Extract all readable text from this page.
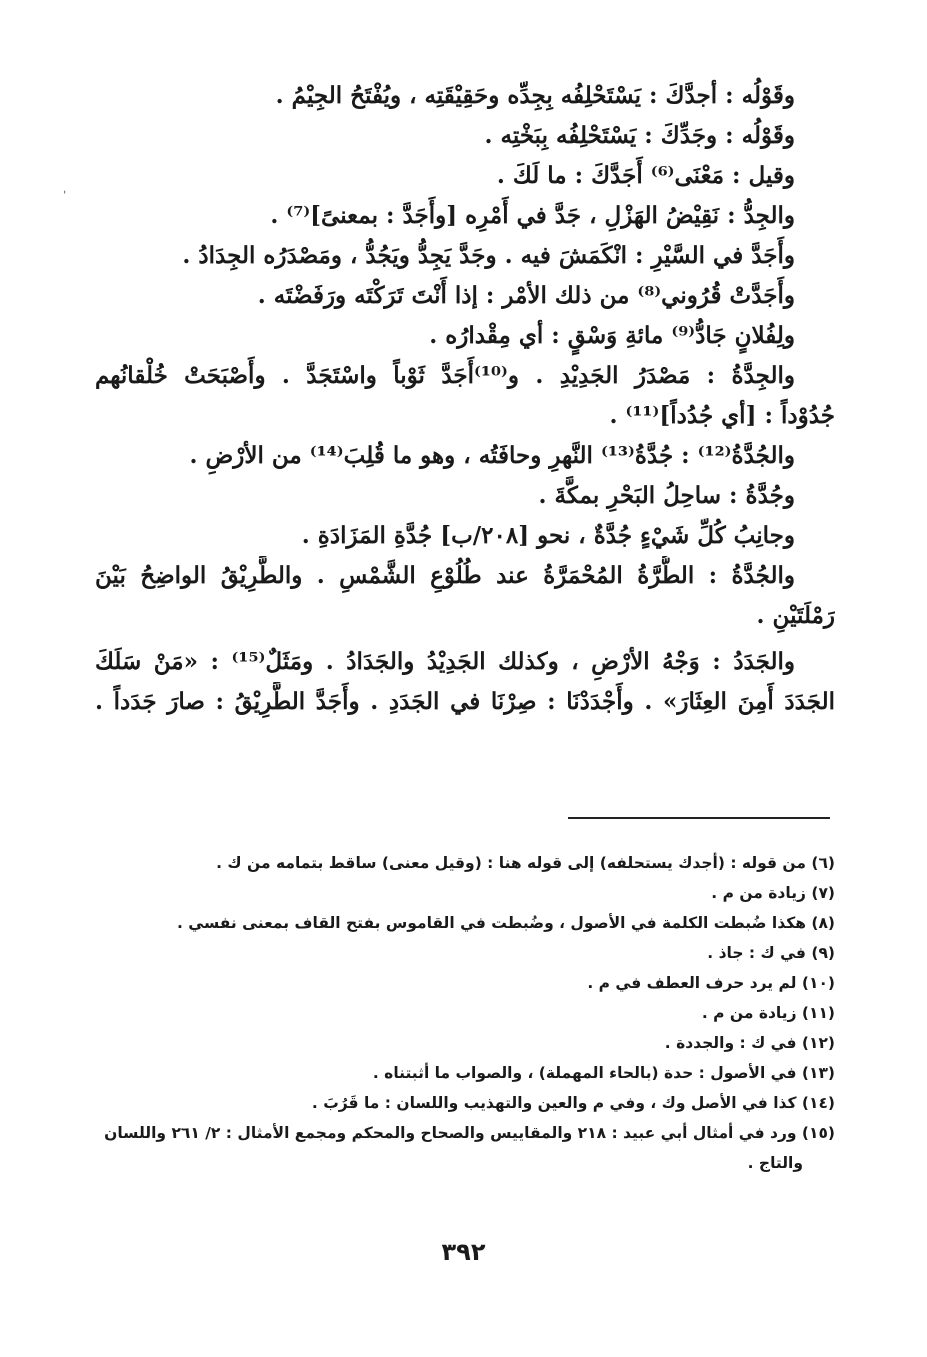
ˌ
وقَوْلُه : أجدَّكَ : يَسْتَحْلِفُه بِجِدِّه وحَقِيْقَتِه ، ويُفْتَحُ الجِيْمُ .
وقَوْلُه : وجَدِّكَ : يَسْتَحْلِفُه بِبَخْتِه .
وقيل : مَعْنَى⁽⁶⁾ أَجَدَّكَ : ما لَكَ .
والجِدُّ : نَقِيْضُ الهَزْلِ ، جَدَّ في أَمْرِه [وأَجَدَّ : بمعنىً]⁽⁷⁾ .
وأَجَدَّ في السَّيْرِ : انْكَمَشَ فيه . وجَدَّ يَجِدُّ ويَجُدُّ ، ومَصْدَرُه الجِدَادُ .
وأَجَدَّتْ قُرُوني⁽⁸⁾ من ذلك الأمْر : إذا أَنْتَ تَرَكْتَه ورَفَضْتَه .
ولِفُلانٍ جَادُّ⁽⁹⁾ مائةِ وَسْقٍ : أي مِقْدارُه .
والجِدَّةُ : مَصْدَرُ الجَدِيْدِ . و⁽¹⁰⁾أَجَدَّ ثَوْباً واسْتَجَدَّ . وأَصْبَحَتْ خُلْقانُهم
جُدُوْداً : [أي جُدُداً]⁽¹¹⁾ .
والجُدَّةُ⁽¹²⁾ : جُدَّةُ⁽¹³⁾ النَّهرِ وحافَتُه ، وهو ما قُلِبَ⁽¹⁴⁾ من الأرْضِ .
وجُدَّةُ : ساحِلُ البَحْرِ بمكَّةَ .
وجانِبُ كُلِّ شَيْءٍ جُدَّةٌ ، نحو [٢٠٨/ب] جُدَّةِ المَزَادَةِ .
والجُدَّةُ : الطُّرَّةُ المُحْمَرَّةُ عند طُلُوْعِ الشَّمْسِ . والطَّرِيْقُ الواضِحُ بَيْنَ
رَمْلَتَيْنِ .
والجَدَدُ : وَجْهُ الأرْضِ ، وكذلك الجَدِيْدُ والجَدَادُ . ومَثَلٌ⁽¹⁵⁾ : «مَنْ سَلَكَ
الجَدَدَ أَمِنَ العِثَارَ» . وأَجْدَدْنَا : صِرْنَا في الجَدَدِ . وأَجَدَّ الطَّرِيْقُ : صارَ جَدَداً .
(٦) من قوله : (أجدك يستحلفه) إلى قوله هنا : (وقيل معنى) ساقط بتمامه من ك .
(٧) زيادة من م .
(٨) هكذا ضُبطت الكلمة في الأصول ، وضُبطت في القاموس بفتح القاف بمعنى نفسي .
(٩) في ك : جاذ .
(١٠) لم يرد حرف العطف في م .
(١١) زيادة من م .
(١٢) في ك : والجددة .
(١٣) في الأصول : حدة (بالحاء المهملة) ، والصواب ما أثبتناه .
(١٤) كذا في الأصل وك ، وفي م والعين والتهذيب واللسان : ما قَرُبَ .
(١٥) ورد في أمثال أبي عبيد : ٢١٨ والمقاييس والصحاح والمحكم ومجمع الأمثال : ٢/ ٢٦١ واللسان
والتاج .
٣٩٢
